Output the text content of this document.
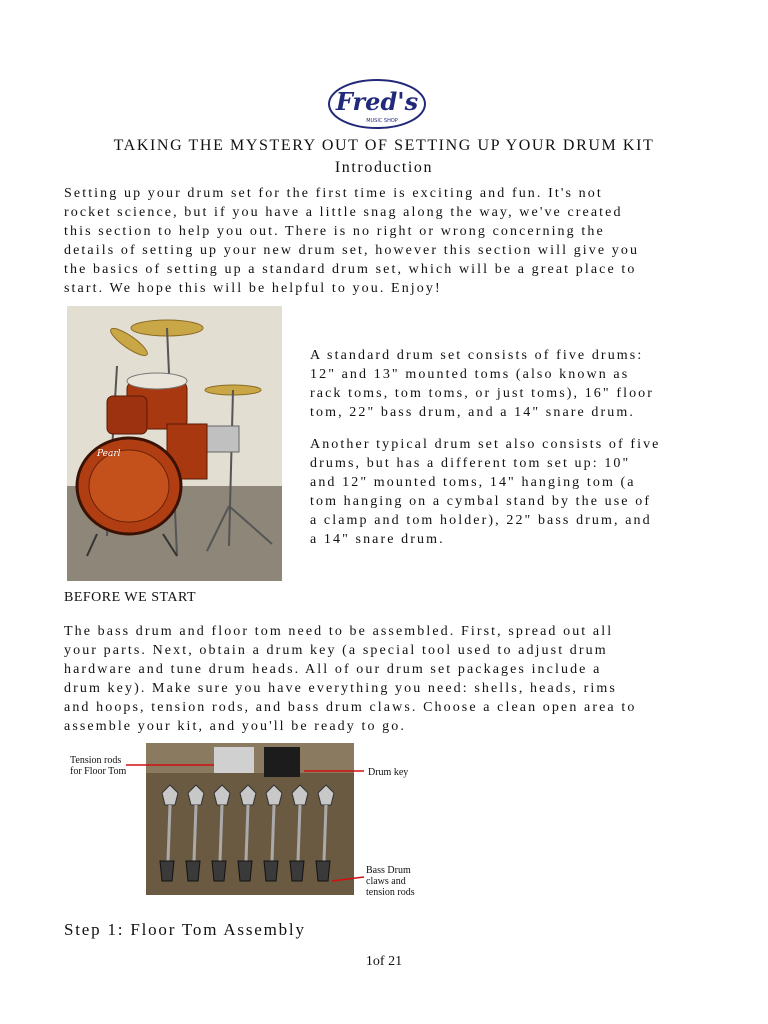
Fred's
MUSIC SHOP
TAKING THE MYSTERY OUT OF SETTING UP YOUR DRUM KIT
Introduction

Setting up your drum set for the first time is exciting and fun. It's not
rocket science, but if you have a little snag along the way, we've created
this section to help you out. There is no right or wrong concerning the
details of setting up your new drum set, however this section will give you
the basics of setting up a standard drum set, which will be a great place to
start. We hope this will be helpful to you. Enjoy!

Pearl

A standard drum set consists of five drums:
12" and 13" mounted toms (also known as
rack toms, tom toms, or just toms), 16" floor
tom, 22" bass drum, and a 14" snare drum.

Another typical drum set also consists of five
drums, but has a different tom set up: 10"
and 12" mounted toms, 14" hanging tom (a
tom hanging on a cymbal stand by the use of
a clamp and tom holder), 22" bass drum, and
a 14" snare drum.

BEFORE WE START

The bass drum and floor tom need to be assembled. First, spread out all
your parts. Next, obtain a drum key (a special tool used to adjust drum
hardware and tune drum heads. All of our drum set packages include a
drum key). Make sure you have everything you need: shells, heads, rims
and hoops, tension rods, and bass drum claws. Choose a clean open area to
assemble your kit, and you'll be ready to go.

Tension rods
for Floor Tom	Drum key
Bass Drum
claws and
tension rods
Step 1: Floor Tom Assembly
1of 21
